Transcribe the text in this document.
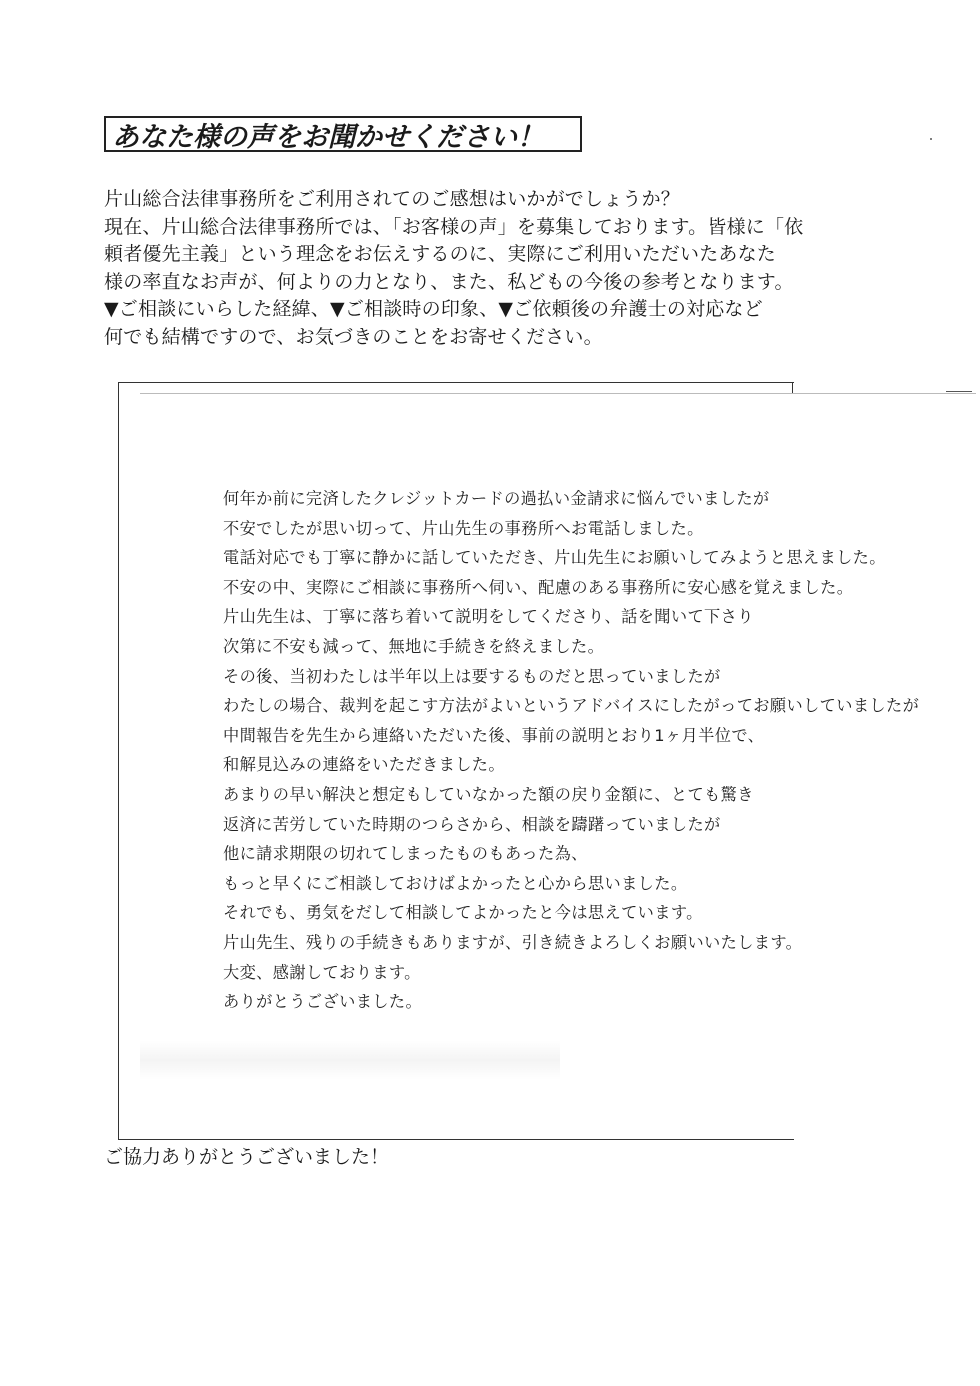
あなた様の声をお聞かせください！
片山総合法律事務所をご利用されてのご感想はいかがでしょうか？
現在、片山総合法律事務所では、「お客様の声」を募集しております。皆様に「依
頼者優先主義」という理念をお伝えするのに、実際にご利用いただいたあなた
様の率直なお声が、何よりの力となり、また、私どもの今後の参考となります。
▼ご相談にいらした経緯、▼ご相談時の印象、▼ご依頼後の弁護士の対応など
何でも結構ですので、お気づきのことをお寄せください。
何年か前に完済したクレジットカードの過払い金請求に悩んでいましたが
不安でしたが思い切って、片山先生の事務所へお電話しました。
電話対応でも丁寧に静かに話していただき、片山先生にお願いしてみようと思えました。
不安の中、実際にご相談に事務所へ伺い、配慮のある事務所に安心感を覚えました。
片山先生は、丁寧に落ち着いて説明をしてくださり、話を聞いて下さり
次第に不安も減って、無地に手続きを終えました。
その後、当初わたしは半年以上は要するものだと思っていましたが
わたしの場合、裁判を起こす方法がよいというアドバイスにしたがってお願いしていましたが
中間報告を先生から連絡いただいた後、事前の説明とおり1ヶ月半位で、
和解見込みの連絡をいただきました。
あまりの早い解決と想定もしていなかった額の戻り金額に、とても驚き
返済に苦労していた時期のつらさから、相談を躊躇っていましたが
他に請求期限の切れてしまったものもあった為、
もっと早くにご相談しておけばよかったと心から思いました。
それでも、勇気をだして相談してよかったと今は思えています。
片山先生、残りの手続きもありますが、引き続きよろしくお願いいたします。
大変、感謝しております。
ありがとうございました。
ご協力ありがとうございました！
